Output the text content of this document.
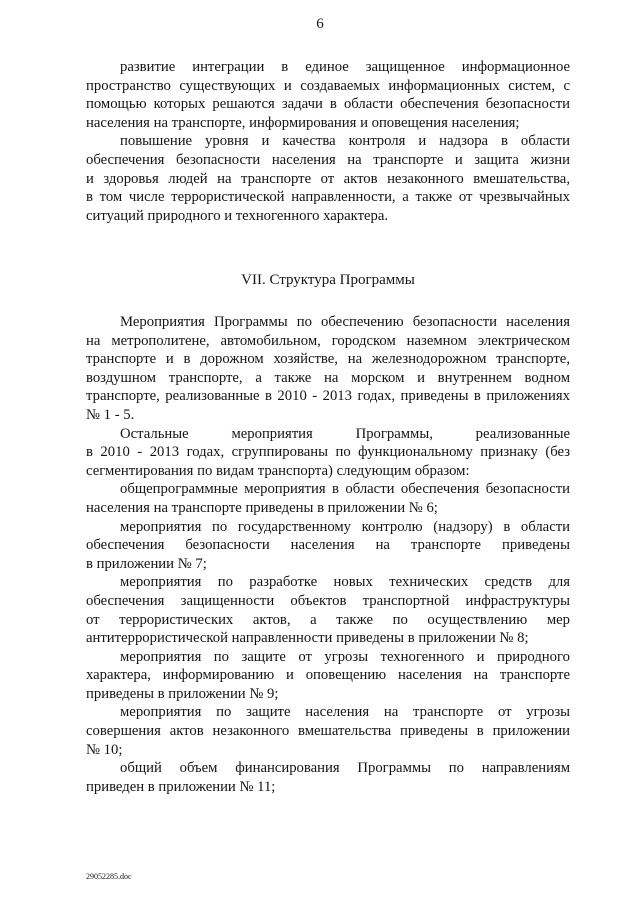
6

развитие интеграции в единое защищенное информационное

пространство существующих и создаваемых информационных систем, с

помощью которых решаются задачи в области обеспечения безопасности

населения на транспорте, информирования и оповещения населения;

повышение уровня и качества контроля и надзора в области

обеспечения безопасности населения на транспорте и защита жизни

и здоровья людей на транспорте от актов незаконного вмешательства,

в том числе террористической направленности, а также от чрезвычайных

ситуаций природного и техногенного характера.

VII. Структура Программы

Мероприятия Программы по обеспечению безопасности населения

на метрополитене, автомобильном, городском наземном электрическом

транспорте и в дорожном хозяйстве, на железнодорожном транспорте,

воздушном транспорте, а также на морском и внутреннем водном

транспорте, реализованные в 2010 - 2013 годах, приведены в приложениях

№ 1 - 5.

Остальные мероприятия Программы, реализованные

в 2010 - 2013 годах, сгруппированы по функциональному признаку (без

сегментирования по видам транспорта) следующим образом:

общепрограммные мероприятия в области обеспечения безопасности

населения на транспорте приведены в приложении № 6;

мероприятия по государственному контролю (надзору) в области

обеспечения безопасности населения на транспорте приведены

в приложении № 7;

мероприятия по разработке новых технических средств для

обеспечения защищенности объектов транспортной инфраструктуры

от террористических актов, а также по осуществлению мер

антитеррористической направленности приведены в приложении № 8;

мероприятия по защите от угрозы техногенного и природного

характера, информированию и оповещению населения на транспорте

приведены в приложении № 9;

мероприятия по защите населения на транспорте от угрозы

совершения актов незаконного вмешательства приведены в приложении

№ 10;

общий объем финансирования Программы по направлениям

приведен в приложении № 11;

29052285.doc
